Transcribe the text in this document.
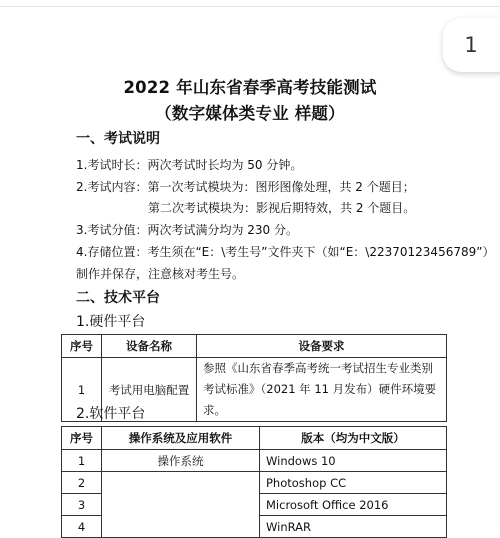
1
2022 年山东省春季高考技能测试
（数字媒体类专业 样题）
一、考试说明
1.考试时长：两次考试时长均为 50 分钟。
2.考试内容：第一次考试模块为：图形图像处理，共 2 个题目；
第二次考试模块为：影视后期特效，共 2 个题目。
3.考试分值：两次考试满分均为 230 分。
4.存储位置：考生须在“E：\考生号”文件夹下（如“E：\22370123456789”）
制作并保存，注意核对考生号。
二、技术平台
1.硬件平台
序号	设备名称	设备要求
1	考试用电脑配置	参照《山东省春季高考统一考试招生专业类别考试标准》（2021 年 11 月发布）硬件环境要求。
2.软件平台
序号	操作系统及应用软件	版本（均为中文版）
1	操作系统	Windows 10
2		Photoshop CC
3		Microsoft Office 2016
4		WinRAR
